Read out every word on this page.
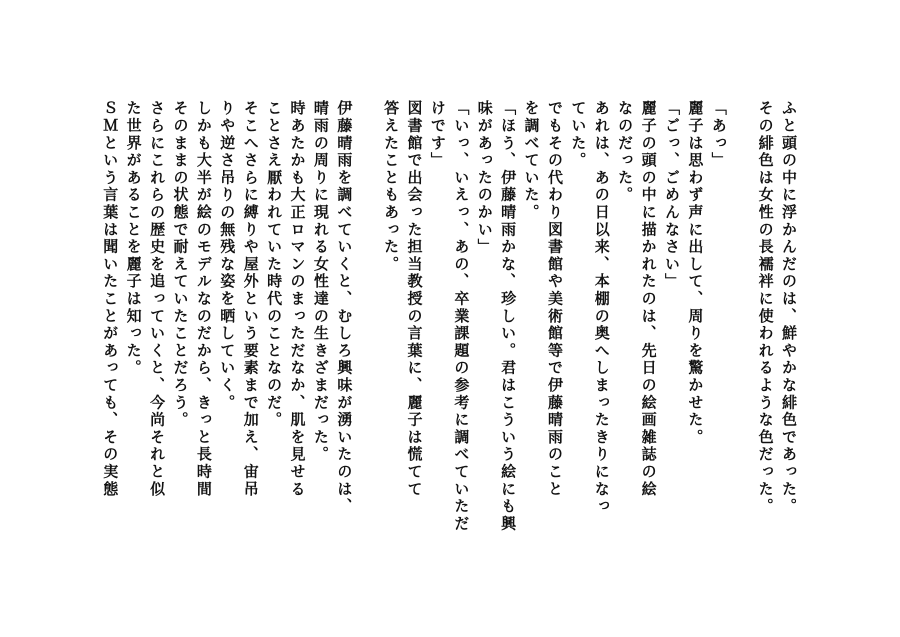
ふと頭の中に浮かんだのは、鮮やかな緋色であった。
その緋色は女性の長襦袢に使われるような色だった。
「あっ」
麗子は思わず声に出して、周りを驚かせた。
「ごっ、ごめんなさい」
麗子の頭の中に描かれたのは、先日の絵画雑誌の絵
なのだった。
あれは、あの日以来、本棚の奥へしまったきりになっ
ていた。
でもその代わり図書館や美術館等で伊藤晴雨のこと
を調べていた。
「ほう、伊藤晴雨かな、珍しい。君はこういう絵にも興
味があったのかい」
「いっ、いえっ、あの、卒業課題の参考に調べていただ
けです」
図書館で出会った担当教授の言葉に、麗子は慌てて
答えたこともあった。
伊藤晴雨を調べていくと、むしろ興味が湧いたのは、
晴雨の周りに現れる女性達の生きざまだった。
時あたかも大正ロマンのまっただなか、肌を見せる
ことさえ厭われていた時代のことなのだ。
そこへさらに縛りや屋外という要素まで加え、宙吊
りや逆さ吊りの無残な姿を晒していく。
しかも大半が絵のモデルなのだから、きっと長時間
そのままの状態で耐えていたことだろう。
さらにこれらの歴史を追っていくと、今尚それと似
た世界があることを麗子は知った。
ＳＭという言葉は聞いたことがあっても、その実態
